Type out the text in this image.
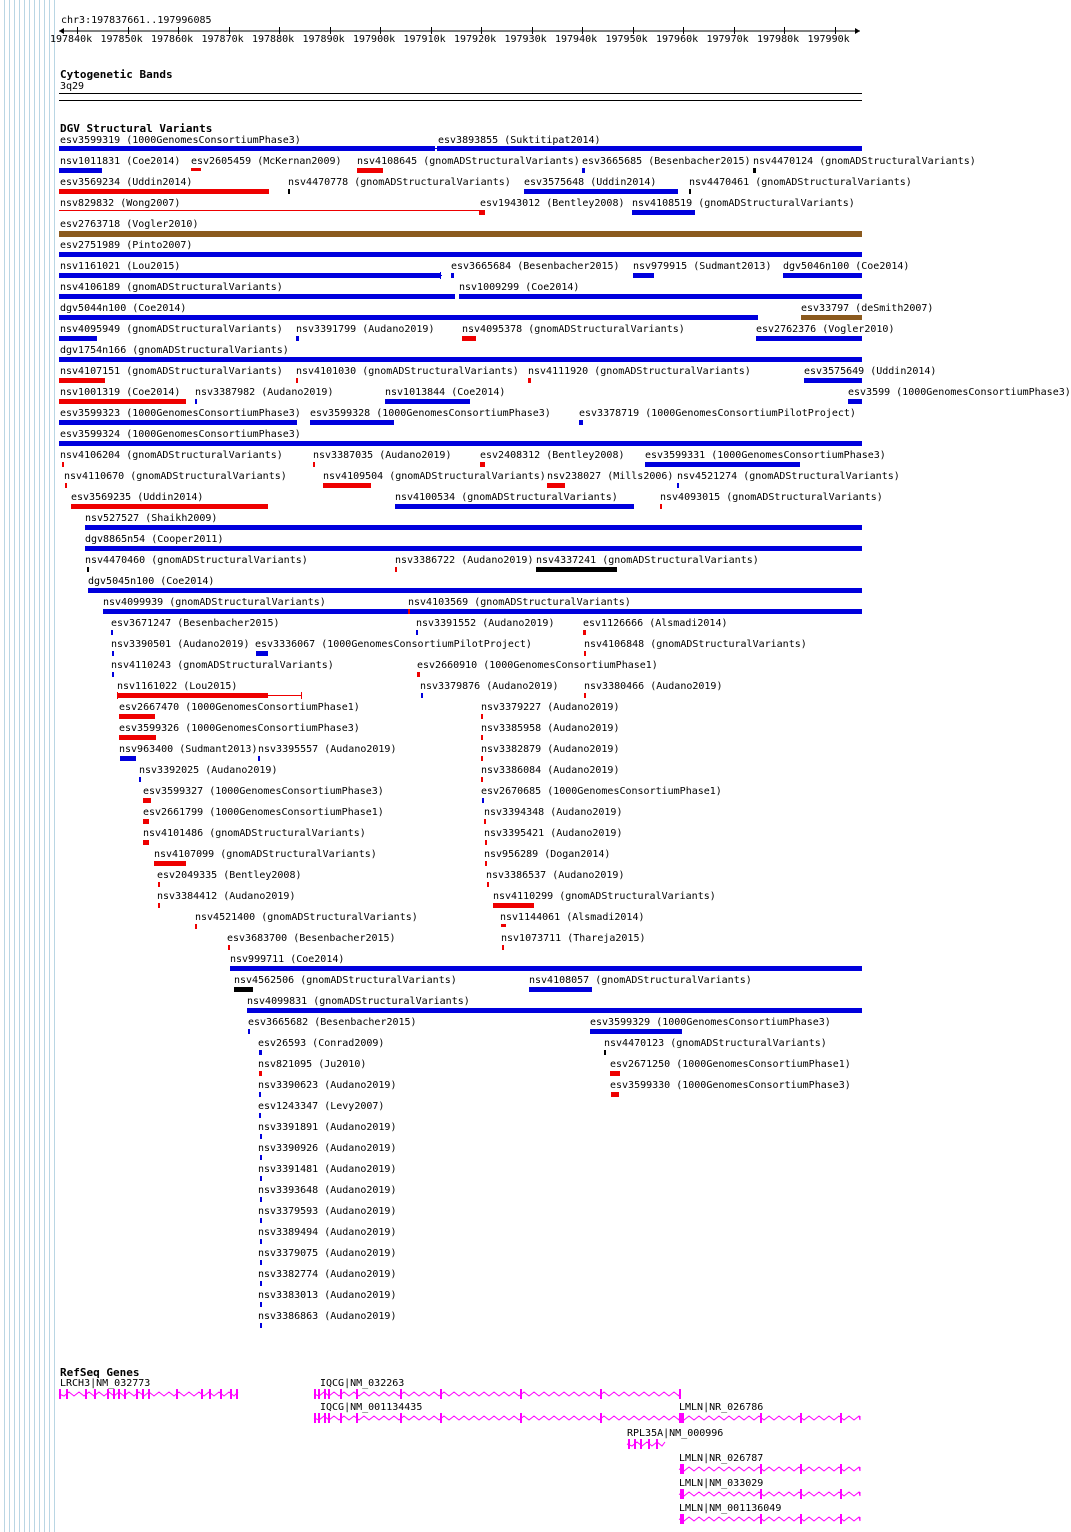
chr3:197837661..197996085
197840k 197850k 197860k 197870k 197880k 197890k 197900k 197910k 197920k 197930k 197940k 197950k 197960k 197970k 197980k 197990k
Cytogenetic Bands
3q29
DGV Structural Variants
esv3599319 (1000GenomesConsortiumPhase3)	esv3893855 (Suktitipat2014)
nsv1011831 (Coe2014) esv2605459 (McKernan2009) nsv4108645 (gnomADStructuralVariants) esv3665685 (Besenbacher2015) nsv4470124 (gnomADStructuralVariants)
esv3569234 (Uddin2014)	nsv4470778 (gnomADStructuralVariants) esv3575648 (Uddin2014)	nsv4470461 (gnomADStructuralVariants)
nsv829832 (Wong2007)	esv1943012 (Bentley2008) nsv4108519 (gnomADStructuralVariants)
esv2763718 (Vogler2010)
esv2751989 (Pinto2007)
nsv1161021 (Lou2015)	esv3665684 (Besenbacher2015) nsv979915 (Sudmant2013) dgv5046n100 (Coe2014)
nsv4106189 (gnomADStructuralVariants)	nsv1009299 (Coe2014)
dgv5044n100 (Coe2014)	esv33797 (deSmith2007)
nsv4095949 (gnomADStructuralVariants) nsv3391799 (Audano2019)	nsv4095378 (gnomADStructuralVariants)	esv2762376 (Vogler2010)
dgv1754n166 (gnomADStructuralVariants)
nsv4107151 (gnomADStructuralVariants) nsv4101030 (gnomADStructuralVariants) nsv4111920 (gnomADStructuralVariants)	esv3575649 (Uddin2014)
nsv1001319 (Coe2014) nsv3387982 (Audano2019)	nsv1013844 (Coe2014)	esv3599 (1000GenomesConsortiumPhase3)
esv3599323 (1000GenomesConsortiumPhase3) esv3599328 (1000GenomesConsortiumPhase3)	esv3378719 (1000GenomesConsortiumPilotProject)
esv3599324 (1000GenomesConsortiumPhase3)
nsv4106204 (gnomADStructuralVariants)	nsv3387035 (Audano2019)	esv2408312 (Bentley2008) esv3599331 (1000GenomesConsortiumPhase3)
nsv4110670 (gnomADStructuralVariants)	nsv4109504 (gnomADStructuralVariants) nsv238027 (Mills2006) nsv4521274 (gnomADStructuralVariants)
esv3569235 (Uddin2014)	nsv4100534 (gnomADStructuralVariants)	nsv4093015 (gnomADStructuralVariants)
nsv527527 (Shaikh2009)
dgv8865n54 (Cooper2011)
nsv4470460 (gnomADStructuralVariants)	nsv3386722 (Audano2019) nsv4337241 (gnomADStructuralVariants)
dgv5045n100 (Coe2014)
nsv4099939 (gnomADStructuralVariants)	nsv4103569 (gnomADStructuralVariants)
esv3671247 (Besenbacher2015)	nsv3391552 (Audano2019)	esv1126666 (Alsmadi2014)
nsv3390501 (Audano2019) esv3336067 (1000GenomesConsortiumPilotProject)	nsv4106848 (gnomADStructuralVariants)
nsv4110243 (gnomADStructuralVariants)	esv2660910 (1000GenomesConsortiumPhase1)
nsv1161022 (Lou2015)	nsv3379876 (Audano2019)	nsv3380466 (Audano2019)
esv2667470 (1000GenomesConsortiumPhase1)	nsv3379227 (Audano2019)
esv3599326 (1000GenomesConsortiumPhase3)	nsv3385958 (Audano2019)
nsv963400 (Sudmant2013) nsv3395557 (Audano2019)	nsv3382879 (Audano2019)
nsv3392025 (Audano2019)	nsv3386084 (Audano2019)
esv3599327 (1000GenomesConsortiumPhase3)	esv2670685 (1000GenomesConsortiumPhase1)
esv2661799 (1000GenomesConsortiumPhase1)	nsv3394348 (Audano2019)
nsv4101486 (gnomADStructuralVariants)	nsv3395421 (Audano2019)
nsv4107099 (gnomADStructuralVariants)	nsv956289 (Dogan2014)
esv2049335 (Bentley2008)	nsv3386537 (Audano2019)
nsv3384412 (Audano2019)	nsv4110299 (gnomADStructuralVariants)
nsv4521400 (gnomADStructuralVariants)	nsv1144061 (Alsmadi2014)
esv3683700 (Besenbacher2015)	nsv1073711 (Thareja2015)
nsv999711 (Coe2014)
nsv4562506 (gnomADStructuralVariants)	nsv4108057 (gnomADStructuralVariants)
nsv4099831 (gnomADStructuralVariants)
esv3665682 (Besenbacher2015)	esv3599329 (1000GenomesConsortiumPhase3)
esv26593 (Conrad2009)	nsv4470123 (gnomADStructuralVariants)
nsv821095 (Ju2010)	esv2671250 (1000GenomesConsortiumPhase1)
nsv3390623 (Audano2019)	esv3599330 (1000GenomesConsortiumPhase3)
esv1243347 (Levy2007)
nsv3391891 (Audano2019)
nsv3390926 (Audano2019)
nsv3391481 (Audano2019)
nsv3393648 (Audano2019)
nsv3379593 (Audano2019)
nsv3389494 (Audano2019)
nsv3379075 (Audano2019)
nsv3382774 (Audano2019)
nsv3383013 (Audano2019)
nsv3386863 (Audano2019)
RefSeq Genes
LRCH3|NM_032773	IQCG|NM_032263
IQCG|NM_001134435	LMLN|NR_026786
RPL35A|NM_000996
LMLN|NR_026787
LMLN|NM_033029
LMLN|NM_001136049
